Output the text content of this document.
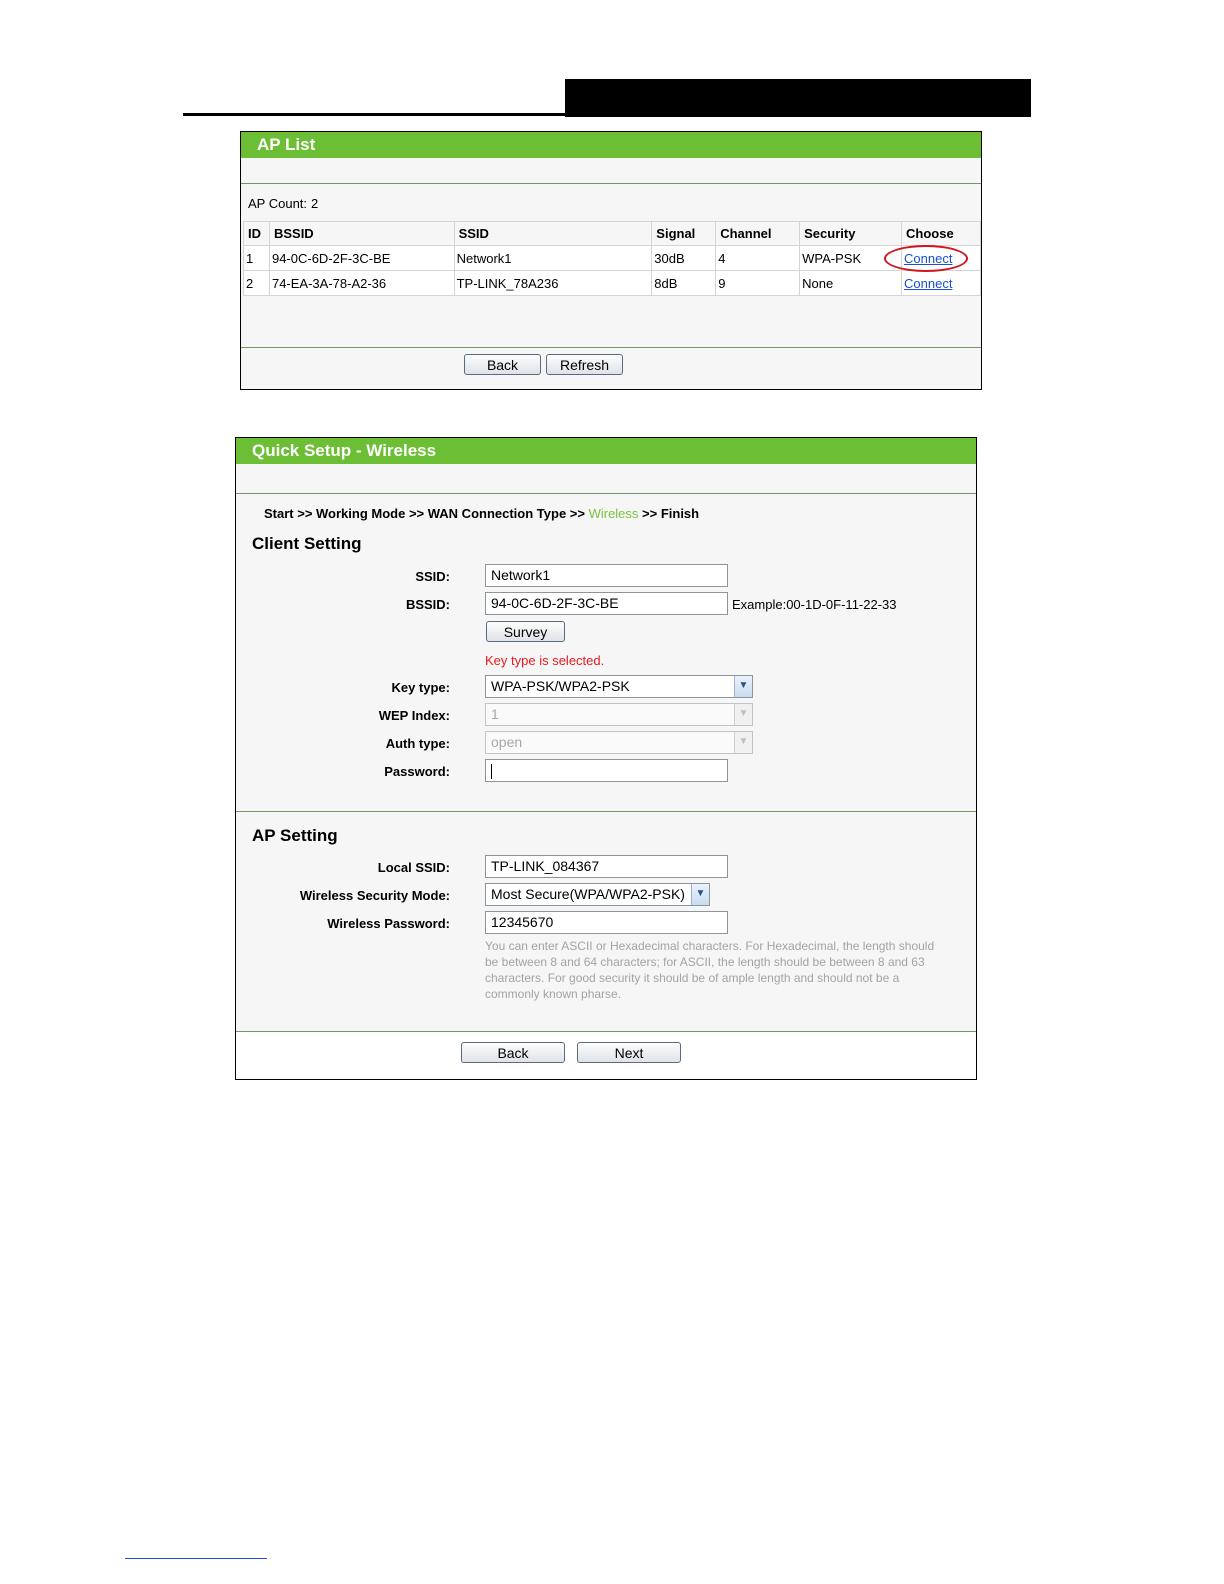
AP List
AP Count: 2
ID	BSSID	SSID	Signal	Channel	Security	Choose
1	94-0C-6D-2F-3C-BE	Network1	30dB	4	WPA-PSK	Connect
2	74-EA-3A-78-A2-36	TP-LINK_78A236	8dB	9	None	Connect
Back	Refresh
Quick Setup - Wireless
Start >> Working Mode >> WAN Connection Type >> Wireless >> Finish
Client Setting
SSID:	Network1
BSSID:	94-0C-6D-2F-3C-BE	Example:00-1D-0F-11-22-33
Survey
Key type is selected.
Key type:	WPA-PSK/WPA2-PSK	▼
WEP Index:	1	▼
Auth type:	open	▼
Password:
AP Setting
Local SSID:	TP-LINK_084367
Wireless Security Mode:	Most Secure(WPA/WPA2-PSK)	▼
Wireless Password:	12345670
You can enter ASCII or Hexadecimal characters. For Hexadecimal, the length should
be between 8 and 64 characters; for ASCII, the length should be between 8 and 63
characters. For good security it should be of ample length and should not be a
commonly known pharse.
Back	Next
